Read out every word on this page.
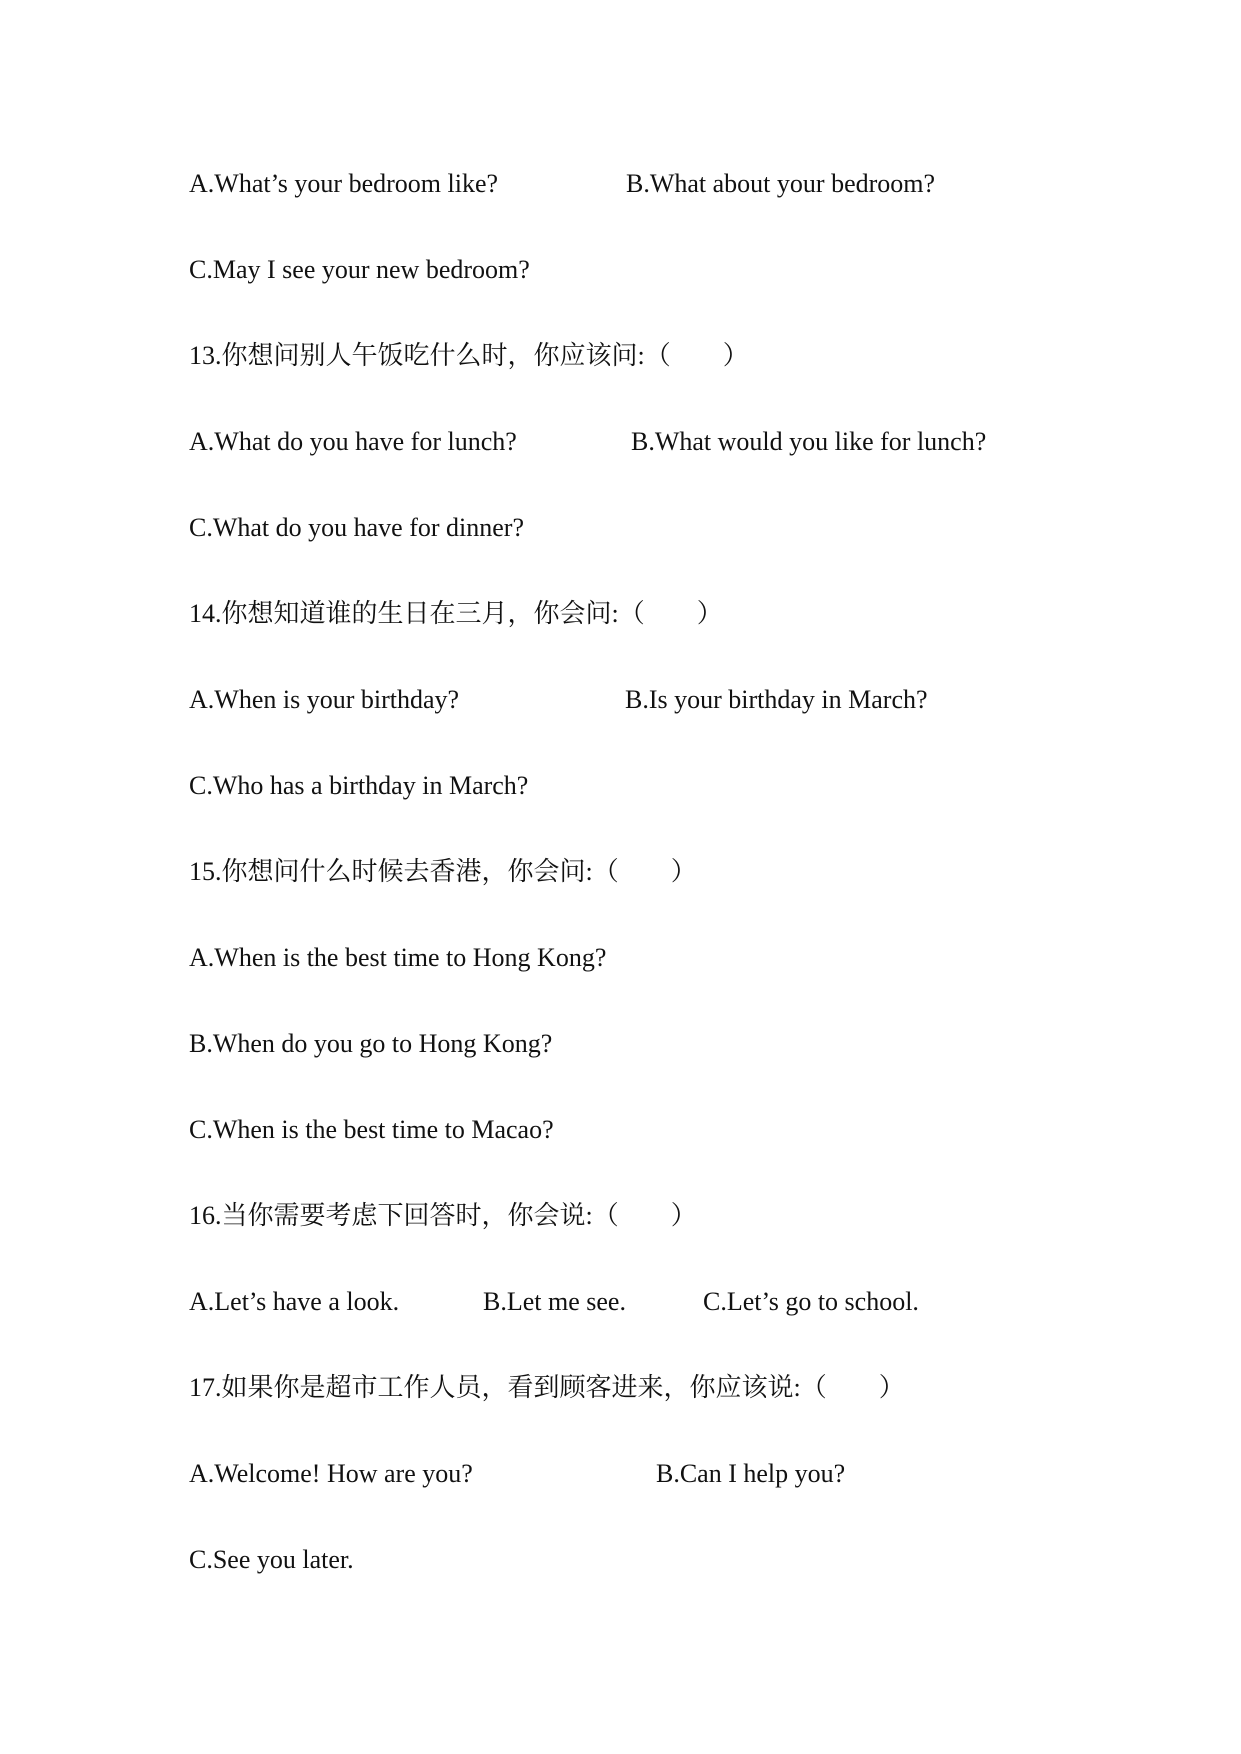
A.What’s your bedroom like?	B.What about your bedroom?
C.May I see your new bedroom?
13.你想问别人午饭吃什么时，你应该问:（　　）
A.What do you have for lunch?	B.What would you like for lunch?
C.What do you have for dinner?
14.你想知道谁的生日在三月，你会问:（　　）
A.When is your birthday?	B.Is your birthday in March?
C.Who has a birthday in March?
15.你想问什么时候去香港，你会问:（　　）
A.When is the best time to Hong Kong?
B.When do you go to Hong Kong?
C.When is the best time to Macao?
16.当你需要考虑下回答时，你会说:（　　）
A.Let’s have a look.	B.Let me see.	C.Let’s go to school.
17.如果你是超市工作人员，看到顾客进来，你应该说:（　　）
A.Welcome! How are you?	B.Can I help you?
C.See you later.
